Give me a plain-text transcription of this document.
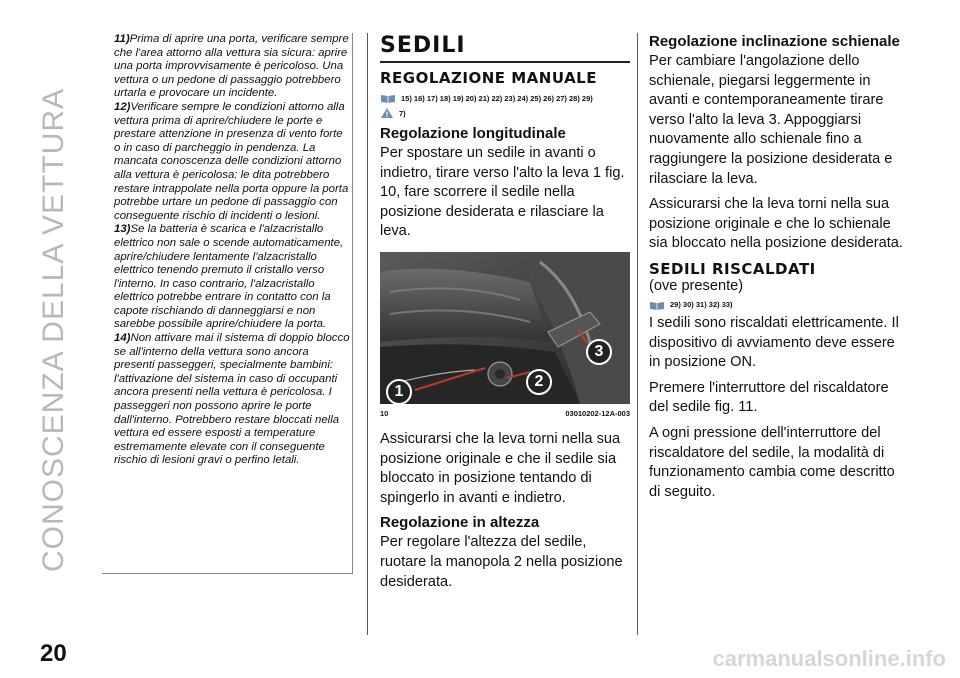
CONOSCENZA DELLA VETTURA

11)Prima di aprire una porta, verificare sempre che l'area attorno alla vettura sia sicura: aprire una porta improvvisamente è pericoloso. Una vettura o un pedone di passaggio potrebbero urtarla e provocare un incidente.

12)Verificare sempre le condizioni attorno alla vettura prima di aprire/chiudere le porte e prestare attenzione in presenza di vento forte o in caso di parcheggio in pendenza. La mancata conoscenza delle condizioni attorno alla vettura è pericolosa: le dita potrebbero restare intrappolate nella porta oppure la porta potrebbe urtare un pedone di passaggio con conseguente rischio di incidenti o lesioni.

13)Se la batteria è scarica e l'alzacristallo elettrico non sale o scende automaticamente, aprire/chiudere lentamente l'alzacristallo elettrico tenendo premuto il cristallo verso l'interno. In caso contrario, l'alzacristallo elettrico potrebbe entrare in contatto con la capote rischiando di danneggiarsi e non sarebbe possibile aprire/chiudere la porta.

14)Non attivare mai il sistema di doppio blocco se all'interno della vettura sono ancora presenti passeggeri, specialmente bambini: l'attivazione del sistema in caso di occupanti ancora presenti nella vettura è pericolosa. I passeggeri non possono aprire le porte dall'interno. Potrebbero restare bloccati nella vettura ed essere esposti a temperature estremamente elevate con il conseguente rischio di lesioni gravi o perfino letali.

SEDILI
REGOLAZIONE MANUALE
15) 16) 17) 18) 19) 20) 21) 22) 23) 24) 25) 26) 27) 28) 29)
7)
Regolazione longitudinale

Per spostare un sedile in avanti o indietro, tirare verso l'alto la leva 1 fig. 10, fare scorrere il sedile nella posizione desiderata e rilasciare la leva.

1
2
3
10	03010202-12A-003

Assicurarsi che la leva torni nella sua posizione originale e che il sedile sia bloccato in posizione tentando di spingerlo in avanti e indietro.

Regolazione in altezza

Per regolare l'altezza del sedile, ruotare la manopola 2 nella posizione desiderata.

Regolazione inclinazione schienale

Per cambiare l'angolazione dello schienale, piegarsi leggermente in avanti e contemporaneamente tirare verso l'alto la leva 3. Appoggiarsi nuovamente allo schienale fino a raggiungere la posizione desiderata e rilasciare la leva.

Assicurarsi che la leva torni nella sua posizione originale e che lo schienale sia bloccato nella posizione desiderata.

SEDILI RISCALDATI
(ove presente)
29) 30) 31) 32) 33)

I sedili sono riscaldati elettricamente. Il dispositivo di avviamento deve essere in posizione ON.

Premere l'interruttore del riscaldatore del sedile fig. 11.

A ogni pressione dell'interruttore del riscaldatore del sedile, la modalità di funzionamento cambia come descritto di seguito.

20	carmanualsonline.info
